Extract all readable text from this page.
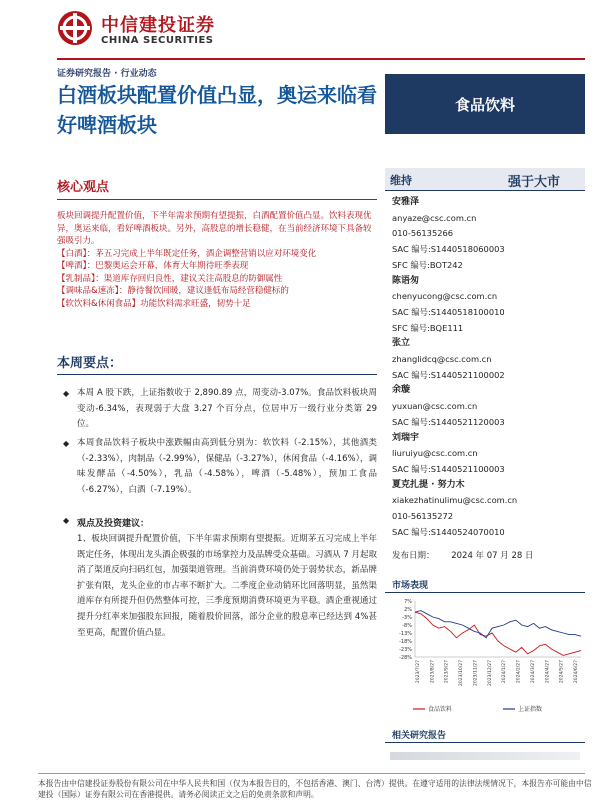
中信建投证券
CHINA SECURITIES
证券研究报告 · 行业动态
白酒板块配置价值凸显，奥运来临看好啤酒板块
食品饮料
核心观点

板块回调提升配置价值，下半年需求预期有望提振，白酒配置价值凸显。饮料表现优异，奥运来临，看好啤酒板块。另外，高股息的增长稳健，在当前经济环境下具备较强吸引力。

【白酒】：茅五习完成上半年既定任务，酒企调整营销以应对环境变化

【啤酒】：巴黎奥运会开幕，体育大年期待旺季表现

【乳制品】：渠道库存回归良性，建议关注高股息的防御属性

【调味品&速冻】：静待餐饮回暖，建议逢低布局经营稳健标的

【软饮料&休闲食品】功能饮料需求旺盛，韧势十足

本周要点：
◆ 本周 A 股下跌，上证指数收于 2,890.89 点，周变动-3.07%。食品饮料板块周变动-6.34%，表现弱于大盘 3.27 个百分点，位居申万一级行业分类第 29 位。
◆ 本周食品饮料子板块中涨跌幅由高到低分别为：软饮料（-2.15%），其他酒类（-2.33%），肉制品（-2.99%），保健品（-3.27%），休闲食品（-4.16%），调味发酵品（-4.50%），乳品（-4.58%），啤酒（-5.48%），预加工食品（-6.27%），白酒（-7.19%）。
◆ 观点及投资建议：
1、板块回调提升配置价值，下半年需求预期有望提振。近期茅五习完成上半年既定任务，体现出龙头酒企极强的市场掌控力及品牌受众基础。习酒从 7 月起取消了渠道反向扫码红包，加强渠道管理。当前消费环境仍处于弱势状态，新品牌扩张有限，龙头企业的市占率不断扩大。二季度企业动销环比回落明显，虽然渠道库存有所提升但仍然整体可控，三季度预期消费环境更为平稳。酒企重视通过提升分红率来加强股东回报，随着股价回落，部分企业的股息率已经达到 4%甚至更高，配置价值凸显。
维持	强于大市
安雅泽
anyaze@csc.com.cn
010-56135266
SAC 编号:S1440518060003
SFC 编号:BOT242
陈语匆
chenyucong@csc.com.cn
SAC 编号:S1440518100010
SFC 编号:BQE111
张立
zhanglidcq@csc.com.cn
SAC 编号:S1440521100002
余璇
yuxuan@csc.com.cn
SAC 编号:S1440521120003
刘瑞宇
liuruiyu@csc.com.cn
SAC 编号:S1440521100003
夏克扎提 · 努力木
xiakezhatinulimu@csc.com.cn
010-56135272
SAC 编号:S1440524070010
发布日期： 2024 年 07 月 28 日
市场表现
7%
2%
-3%
-8%
-13%
-18%
-23%
-28%
2023/7/27 2023/8/27 2023/9/27 2023/10/27 2023/11/27 2023/12/27 2024/1/27 2024/2/27 2024/3/27 2024/4/27 2024/5/27 2024/6/27
食品饮料	上证指数
相关研究报告
本报告由中信建投证券股份有限公司在中华人民共和国（仅为本报告目的，不包括香港、澳门、台湾）提供。在遵守适用的法律法规情况下，本报告亦可能由中信建投（国际）证券有限公司在香港提供。请务必阅读正文之后的免责条款和声明。
